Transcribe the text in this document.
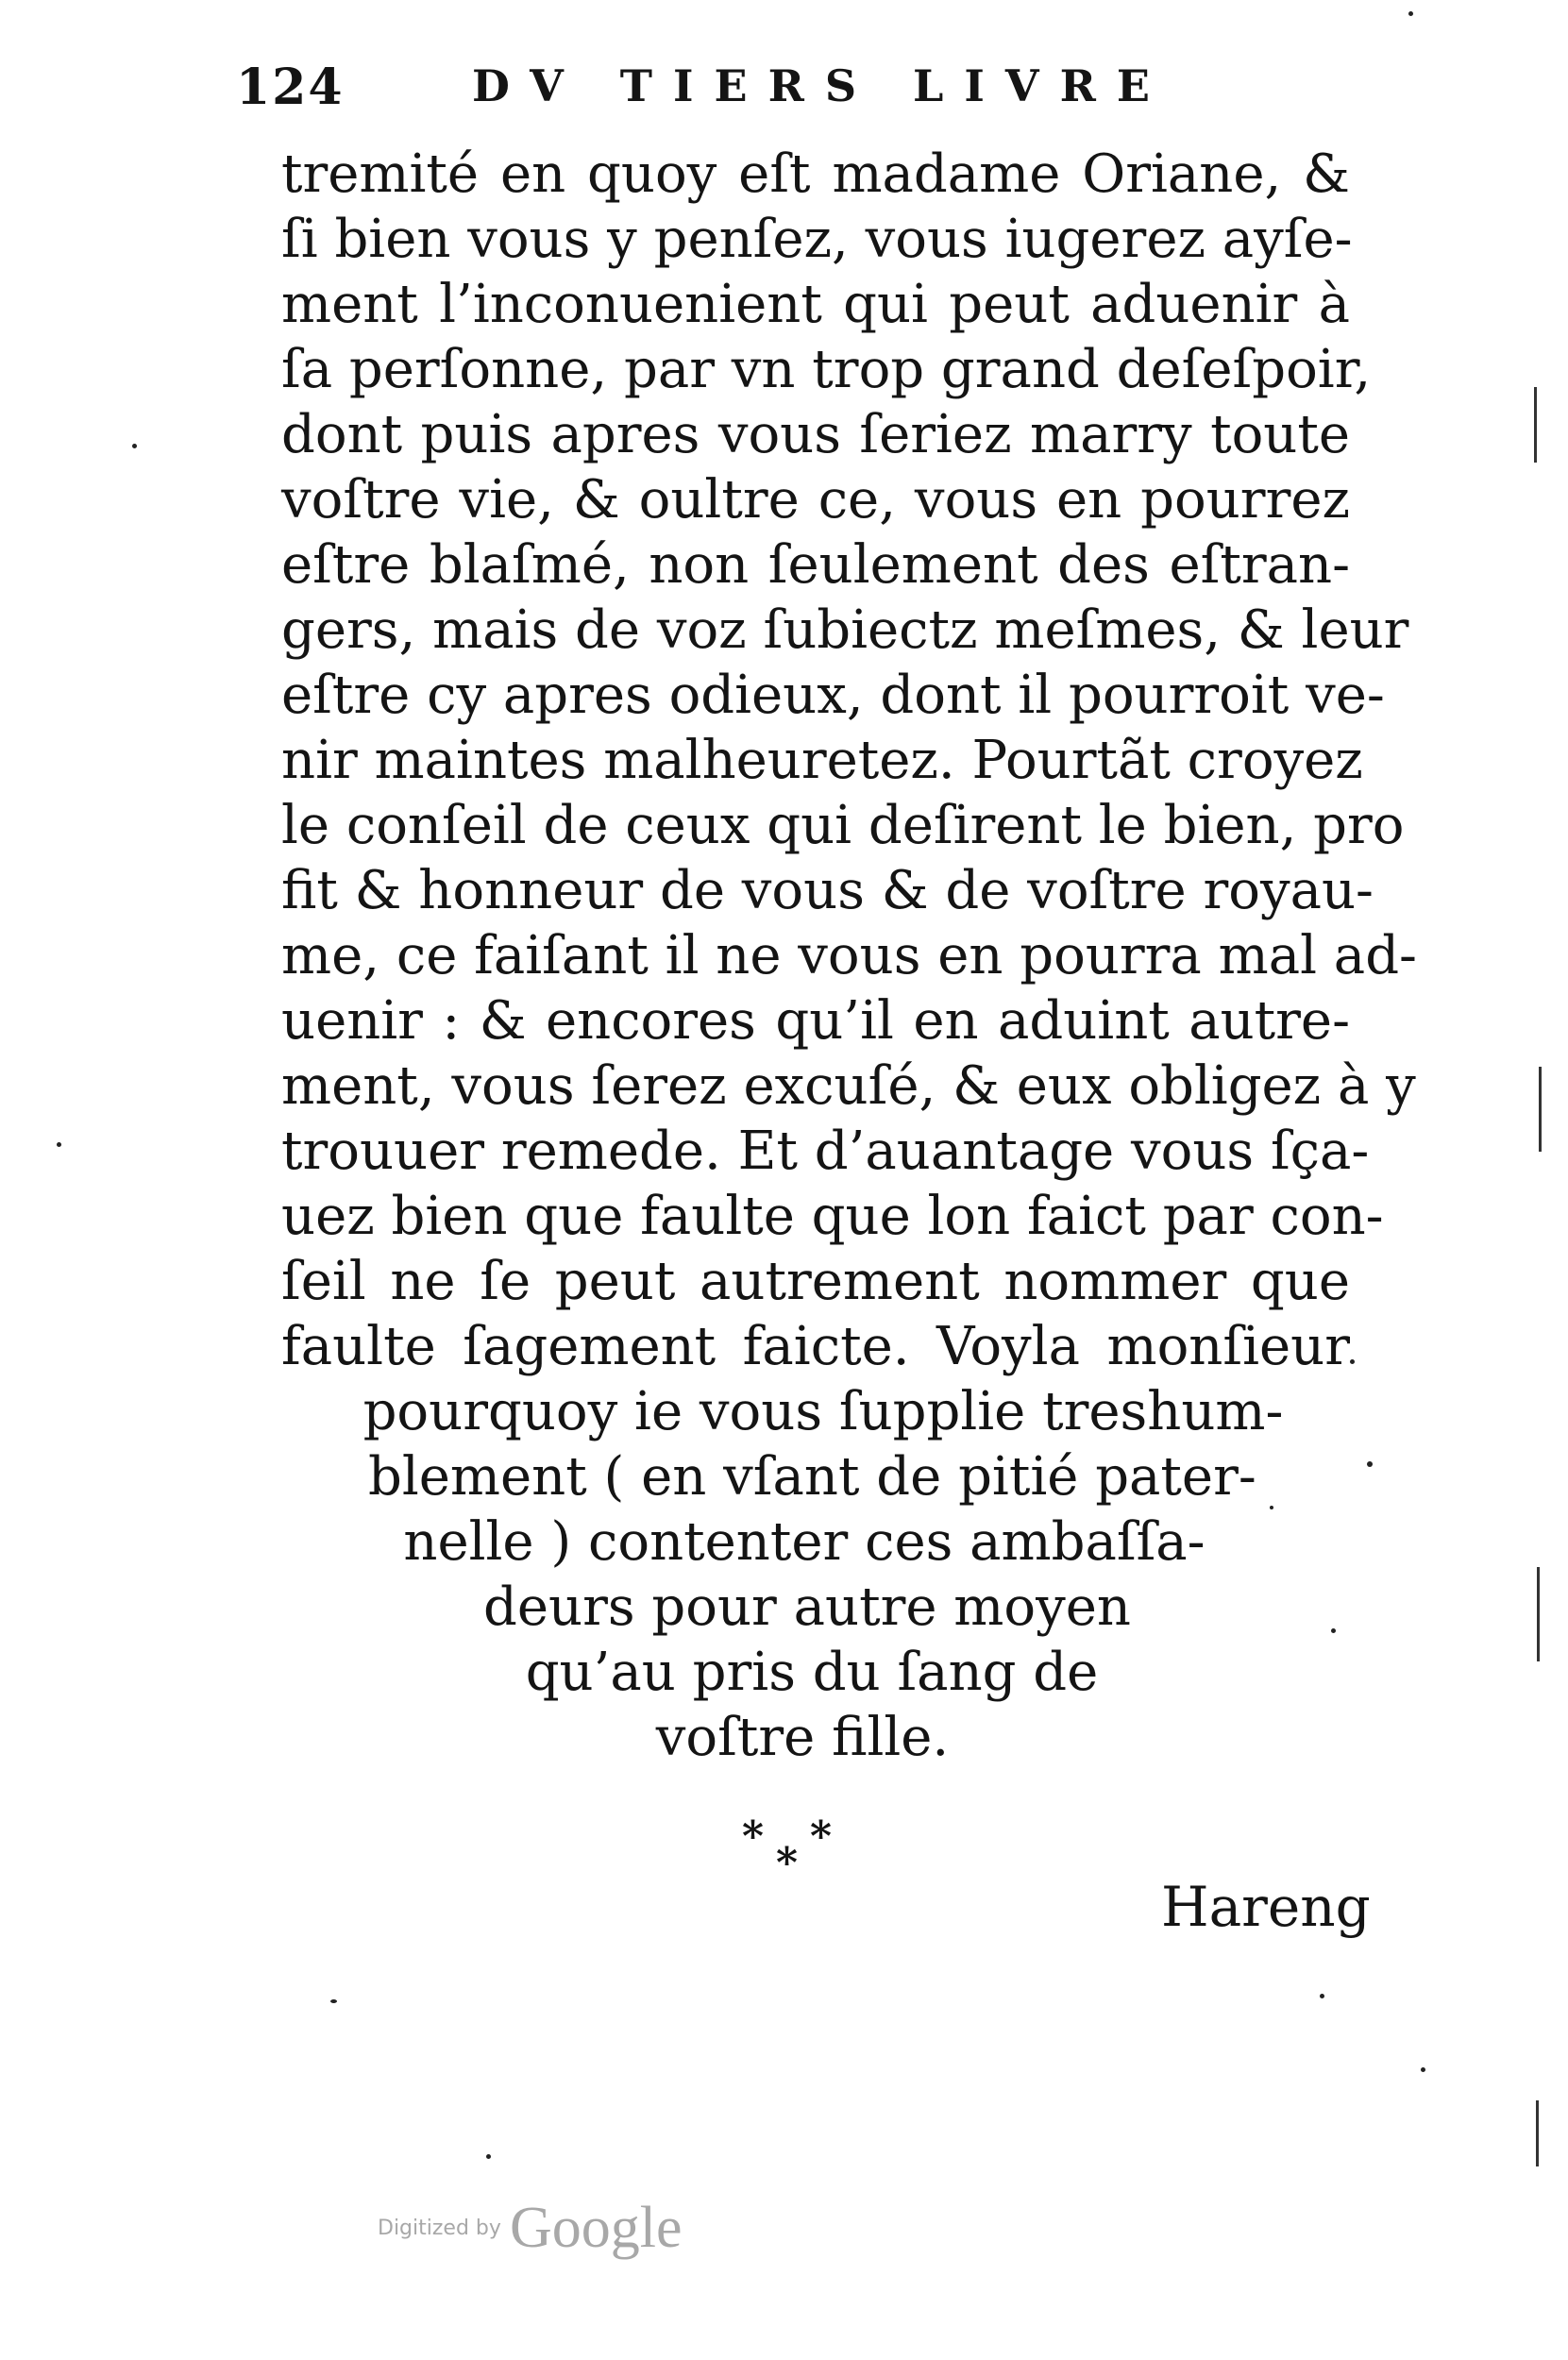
124	DV TIERS LIVRE
tremité en quoy eſt madame Oriane, &
ſi bien vous y penſez, vous iugerez ayſe-
ment l’inconuenient qui peut aduenir à
ſa perſonne, par vn trop grand deſeſpoir,
dont puis apres vous ſeriez marry toute
voſtre vie, & oultre ce, vous en pourrez
eſtre blaſmé, non ſeulement des eſtran-
gers, mais de voz ſubiectz meſmes, & leur
eſtre cy apres odieux, dont il pourroit ve-
nir maintes malheuretez. Pourtãt croyez
le conſeil de ceux qui deſirent le bien, pro
fit & honneur de vous & de voſtre royau-
me, ce faiſant il ne vous en pourra mal ad-
uenir : & encores qu’il en aduint autre-
ment, vous ſerez excuſé, & eux obligez à y
trouuer remede. Et d’auantage vous ſça-
uez bien que faulte que lon faict par con-
ſeil ne ſe peut autrement nommer que
faulte ſagement faicte. Voyla monſieur
pourquoy ie vous ſupplie treshum-
blement ( en vſant de pitié pater-
nelle ) contenter ces ambaſſa-
deurs pour autre moyen
qu’au pris du ſang de
voſtre fille.
*
*
*
Hareng
Digitized by Google
